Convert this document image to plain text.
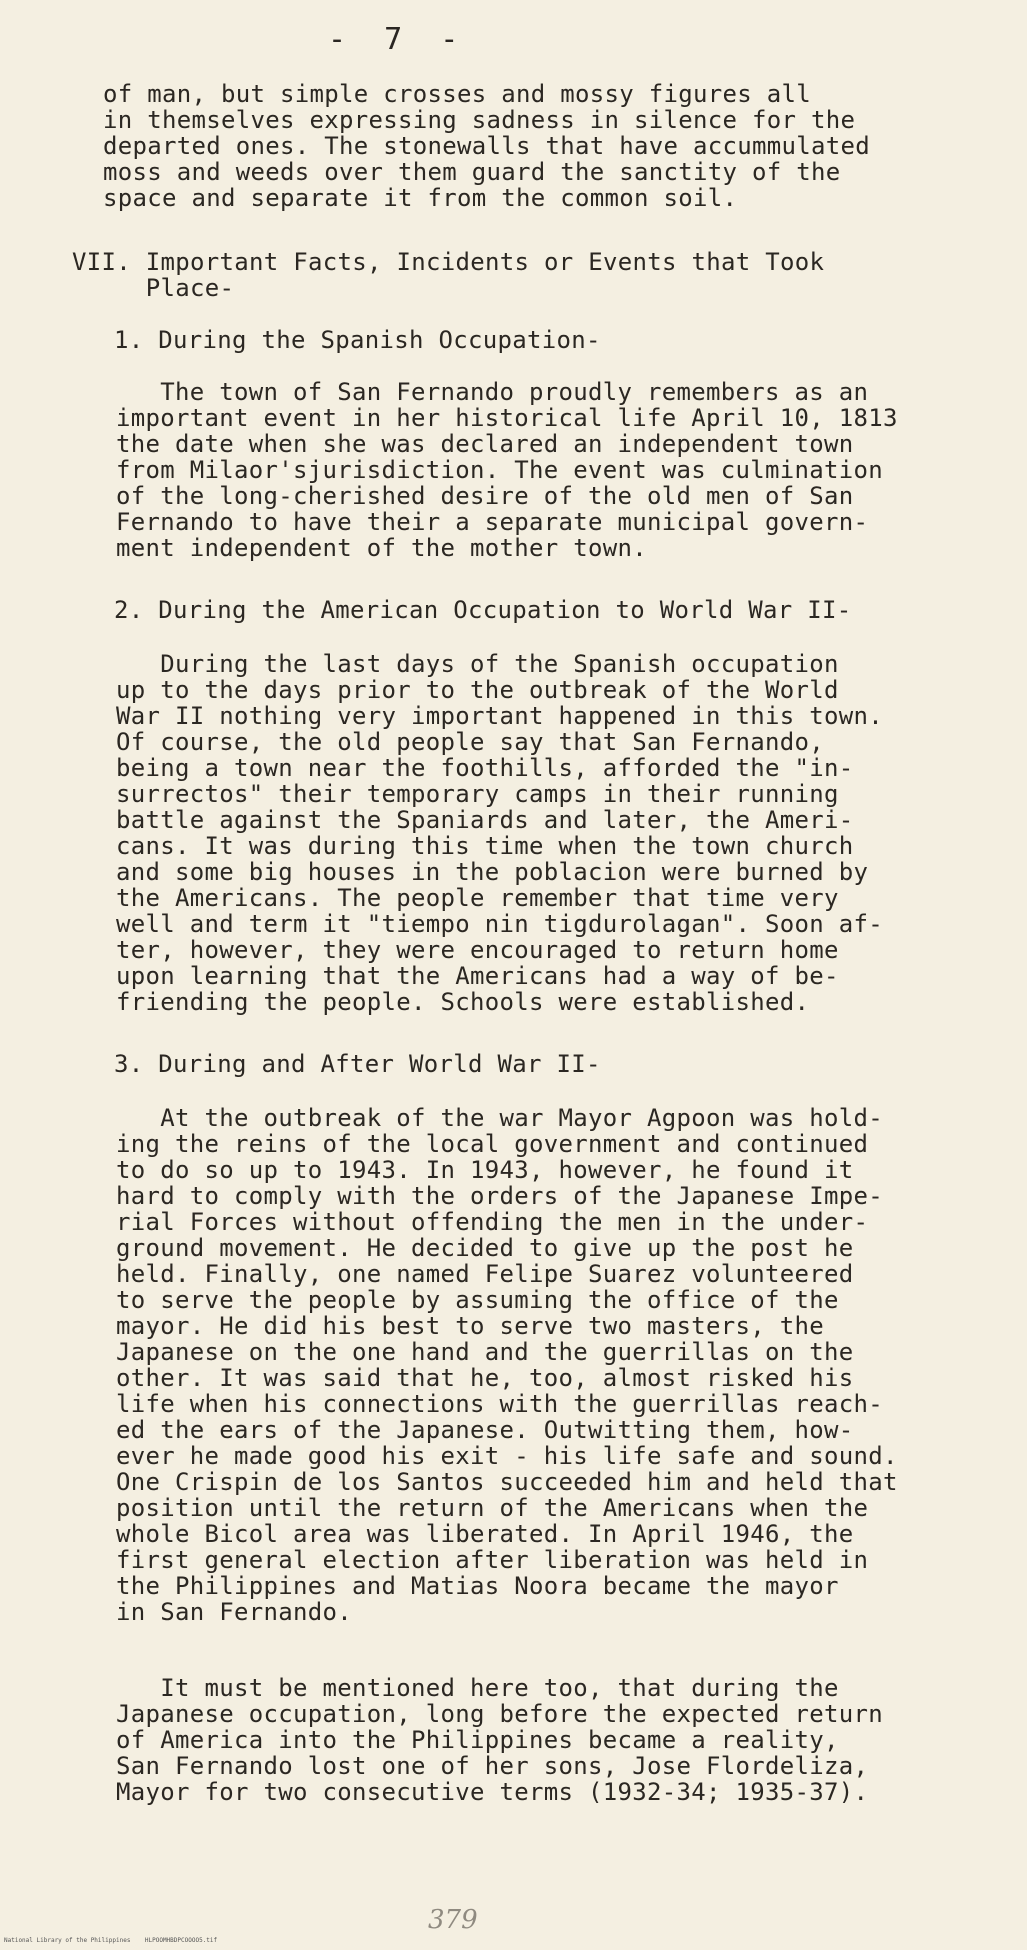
- 7 -
of man, but simple crosses and mossy figures all
in themselves expressing sadness in silence for the
departed ones. The stonewalls that have accummulated
moss and weeds over them guard the sanctity of the
space and separate it from the common soil.
VII. Important Facts, Incidents or Events that Took
Place-
1. During the Spanish Occupation-
The town of San Fernando proudly remembers as an
important event in her historical life April 10, 1813
the date when she was declared an independent town
from Milaor'sjurisdiction. The event was culmination
of the long-cherished desire of the old men of San
Fernando to have their a separate municipal govern-
ment independent of the mother town.
2. During the American Occupation to World War II-
During the last days of the Spanish occupation
up to the days prior to the outbreak of the World
War II nothing very important happened in this town.
Of course, the old people say that San Fernando,
being a town near the foothills, afforded the "in-
surrectos" their temporary camps in their running
battle against the Spaniards and later, the Ameri-
cans. It was during this time when the town church
and some big houses in the poblacion were burned by
the Americans. The people remember that time very
well and term it "tiempo nin tigdurolagan". Soon af-
ter, however, they were encouraged to return home
upon learning that the Americans had a way of be-
friending the people. Schools were established.
3. During and After World War II-
At the outbreak of the war Mayor Agpoon was hold-
ing the reins of the local government and continued
to do so up to 1943. In 1943, however, he found it
hard to comply with the orders of the Japanese Impe-
rial Forces without offending the men in the under-
ground movement. He decided to give up the post he
held. Finally, one named Felipe Suarez volunteered
to serve the people by assuming the office of the
mayor. He did his best to serve two masters, the
Japanese on the one hand and the guerrillas on the
other. It was said that he, too, almost risked his
life when his connections with the guerrillas reach-
ed the ears of the Japanese. Outwitting them, how-
ever he made good his exit - his life safe and sound.
One Crispin de los Santos succeeded him and held that
position until the return of the Americans when the
whole Bicol area was liberated. In April 1946, the
first general election after liberation was held in
the Philippines and Matias Noora became the mayor
in San Fernando.
It must be mentioned here too, that during the
Japanese occupation, long before the expected return
of America into the Philippines became a reality,
San Fernando lost one of her sons, Jose Flordeliza,
Mayor for two consecutive terms (1932-34; 1935-37).
379
National Library of the Philippines    HLPOOMHBDPCOOOO5.tif
